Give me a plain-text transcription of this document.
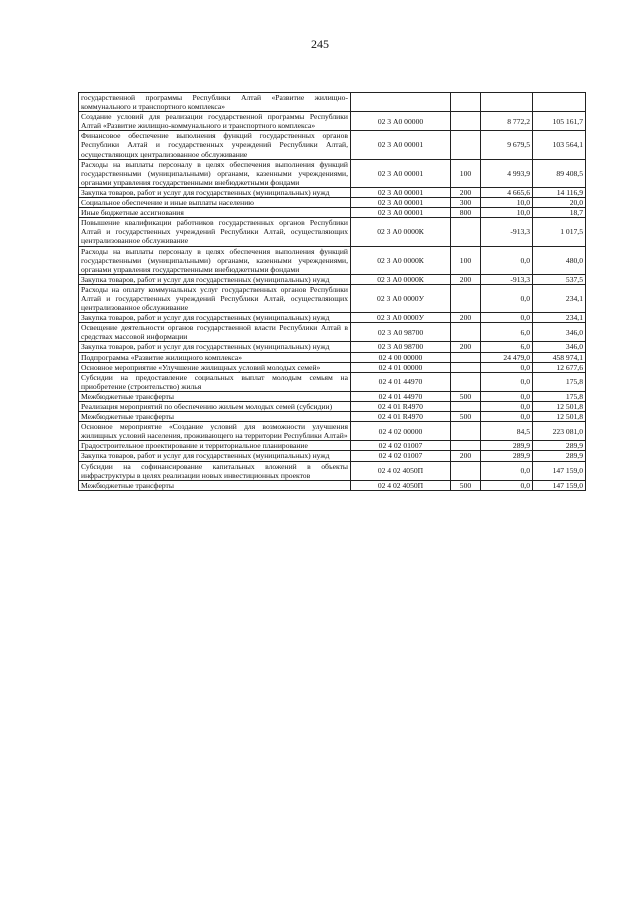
245
государственной программы Республики Алтай «Развитие жилищно-коммунального и транспортного комплекса»				
Создание условий для реализации государственной программы Республики Алтай «Развитие жилищно-коммунального и транспортного комплекса»	02 3 А0 00000		8 772,2	105 161,7
Финансовое обеспечение выполнения функций государственных органов Республики Алтай и государственных учреждений Республики Алтай, осуществляющих централизованное обслуживание	02 3 А0 00001		9 679,5	103 564,1
Расходы на выплаты персоналу в целях обеспечения выполнения функций государственными (муниципальными) органами, казенными учреждениями, органами управления государственными внебюджетными фондами	02 3 А0 00001	100	4 993,9	89 408,5
Закупка товаров, работ и услуг для государственных (муниципальных) нужд	02 3 А0 00001	200	4 665,6	14 116,9
Социальное обеспечение и иные выплаты населению	02 3 А0 00001	300	10,0	20,0
Иные бюджетные ассигнования	02 3 А0 00001	800	10,0	18,7
Повышение квалификации работников государственных органов Республики Алтай и государственных учреждений Республики Алтай, осуществляющих централизованное обслуживание	02 3 А0 0000К		-913,3	1 017,5
Расходы на выплаты персоналу в целях обеспечения выполнения функций государственными (муниципальными) органами, казенными учреждениями, органами управления государственными внебюджетными фондами	02 3 А0 0000К	100	0,0	480,0
Закупка товаров, работ и услуг для государственных (муниципальных) нужд	02 3 А0 0000К	200	-913,3	537,5
Расходы на оплату коммунальных услуг государственных органов Республики Алтай и государственных учреждений Республики Алтай, осуществляющих централизованное обслуживание	02 3 А0 0000У		0,0	234,1
Закупка товаров, работ и услуг для государственных (муниципальных) нужд	02 3 А0 0000У	200	0,0	234,1
Освещение деятельности органов государственной власти Республики Алтай в средствах массовой информации	02 3 А0 98700		6,0	346,0
Закупка товаров, работ и услуг для государственных (муниципальных) нужд	02 3 А0 98700	200	6,0	346,0
Подпрограмма «Развитие жилищного комплекса»	02 4 00 00000		24 479,0	458 974,1
Основное мероприятие «Улучшение жилищных условий молодых семей»	02 4 01 00000		0,0	12 677,6
Субсидии на предоставление социальных выплат молодым семьям на приобретение (строительство) жилья	02 4 01 44970		0,0	175,8
Межбюджетные трансферты	02 4 01 44970	500	0,0	175,8
Реализация мероприятий по обеспечению жильем молодых семей (субсидии)	02 4 01 R4970		0,0	12 501,8
Межбюджетные трансферты	02 4 01 R4970	500	0,0	12 501,8
Основное мероприятие «Создание условий для возможности улучшения жилищных условий населения, проживающего на территории Республики Алтай»	02 4 02 00000		84,5	223 081,0
Градостроительное проектирование и территориальное планирование	02 4 02 01007		289,9	289,9
Закупка товаров, работ и услуг для государственных (муниципальных) нужд	02 4 02 01007	200	289,9	289,9
Субсидии на софинансирование капитальных вложений в объекты инфраструктуры в целях реализации новых инвестиционных проектов	02 4 02 4050П		0,0	147 159,0
Межбюджетные трансферты	02 4 02 4050П	500	0,0	147 159,0
